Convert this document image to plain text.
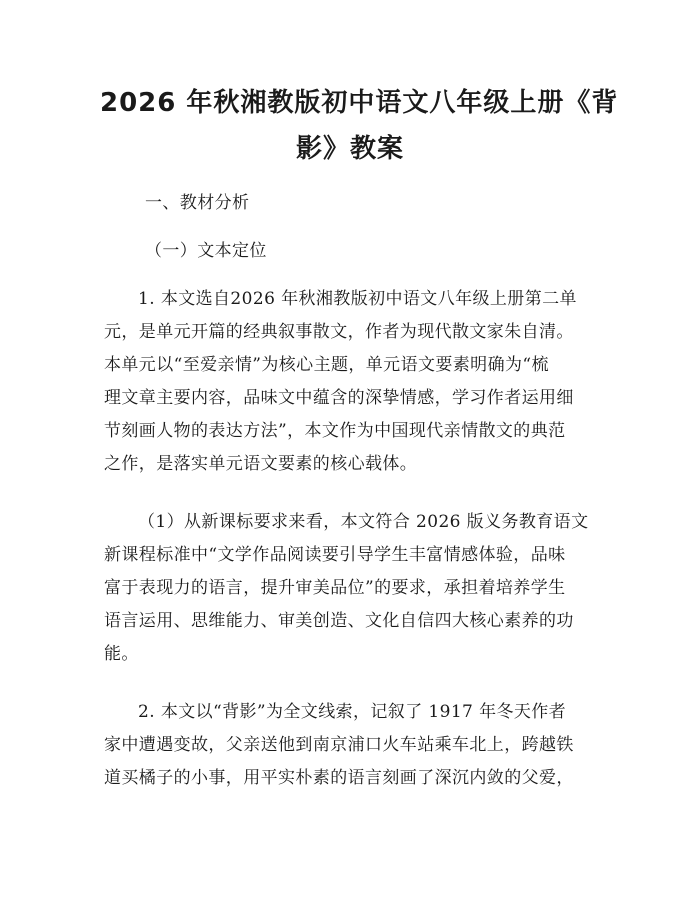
2026 年秋湘教版初中语文八年级上册《背
影》教案
一、教材分析
（一）文本定位
1. 本文选自2026 年秋湘教版初中语文八年级上册第二单
元，是单元开篇的经典叙事散文，作者为现代散文家朱自清。
本单元以“至爱亲情”为核心主题，单元语文要素明确为“梳
理文章主要内容，品味文中蕴含的深挚情感，学习作者运用细
节刻画人物的表达方法”，本文作为中国现代亲情散文的典范
之作，是落实单元语文要素的核心载体。
（1）从新课标要求来看，本文符合 2026 版义务教育语文
新课程标准中“文学作品阅读要引导学生丰富情感体验，品味
富于表现力的语言，提升审美品位”的要求，承担着培养学生
语言运用、思维能力、审美创造、文化自信四大核心素养的功
能。
2. 本文以“背影”为全文线索，记叙了 1917 年冬天作者
家中遭遇变故，父亲送他到南京浦口火车站乘车北上，跨越铁
道买橘子的小事，用平实朴素的语言刻画了深沉内敛的父爱，
